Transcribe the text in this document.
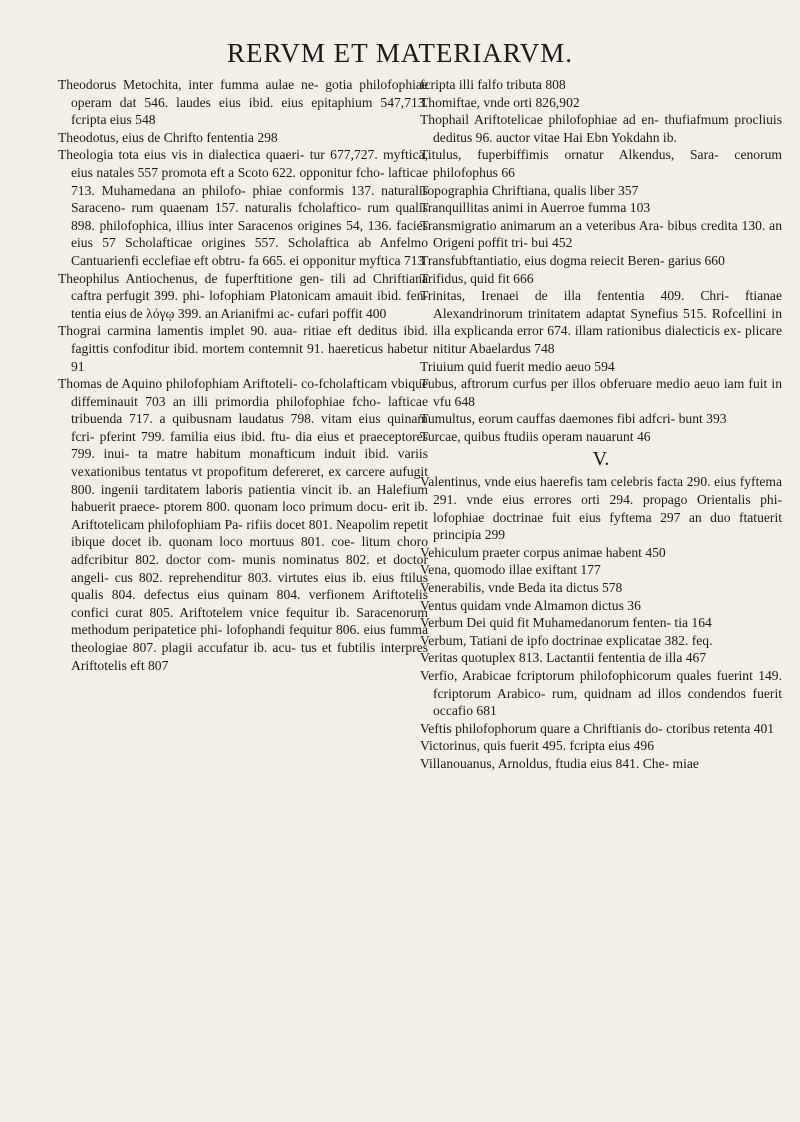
RERVM ET MATERIARVM.

Theodorus Metochita, inter fumma aulae ne- gotia philofophiae operam dat 546. laudes eius ibid. eius epitaphium 547,713. fcripta eius 548

Theodotus, eius de Chrifto fententia 298

Theologia tota eius vis in dialectica quaeri- tur 677,727. myftica, eius natales 557 promota eft a Scoto 622. opponitur fcho- lafticae 713. Muhamedana an philofo- phiae conformis 137. naturalis Saraceno- rum quaenam 157. naturalis fcholaftico- rum qualis 898. philofophica, illius inter Saracenos origines 54, 136. facies eius 57 Scholafticae origines 557. Scholaftica ab Anfelmo Cantuarienfi ecclefiae eft obtru- fa 665. ei opponitur myftica 713

Theophilus Antiochenus, de fuperftitione gen- tili ad Chriftiana caftra perfugit 399. phi- lofophiam Platonicam amauit ibid. fen- tentia eius de λόγῳ 399. an Arianifmi ac- cufari poffit 400

Thograi carmina lamentis implet 90. aua- ritiae eft deditus ibid. fagittis confoditur ibid. mortem contemnit 91. haereticus habetur 91

Thomas de Aquino philofophiam Ariftoteli- co-fcholafticam vbique diffeminauit 703 an illi primordia philofophiae fcho- lafticae tribuenda 717. a quibusnam laudatus 798. vitam eius quinam fcri- pferint 799. familia eius ibid. ftu- dia eius et praeceptores 799. inui- ta matre habitum monafticum induit ibid. variis vexationibus tentatus vt propofitum defereret, ex carcere aufugit 800. ingenii tarditatem laboris patientia vincit ib. an Halefium habuerit praece- ptorem 800. quonam loco primum docu- erit ib. Ariftotelicam philofophiam Pa- rifiis docet 801. Neapolim repetit ibique docet ib. quonam loco mortuus 801. coe- litum choro adfcribitur 802. doctor com- munis nominatus 802. et doctor angeli- cus 802. reprehenditur 803. virtutes eius ib. eius ftilus qualis 804. defectus eius quinam 804. verfionem Ariftotelis confici curat 805. Ariftotelem vnice fequitur ib. Saracenorum methodum peripatetice phi- lofophandi fequitur 806. eius fumma theologiae 807. plagii accufatur ib. acu- tus et fubtilis interpres Ariftotelis eft 807

fcripta illi falfo tributa 808

Thomiftae, vnde orti 826,902

Thophail Ariftotelicae philofophiae ad en- thufiafmum procliuis deditus 96. auctor vitae Hai Ebn Yokdahn ib.

Titulus, fuperbiffimis ornatur Alkendus, Sara- cenorum philofophus 66

Topographia Chriftiana, qualis liber 357

Tranquillitas animi in Auerroe fumma 103

Transmigratio animarum an a veteribus Ara- bibus credita 130. an Origeni poffit tri- bui 452

Transfubftantiatio, eius dogma reiecit Beren- garius 660

Trifidus, quid fit 666

Trinitas, Irenaei de illa fententia 409. Chri- ftianae Alexandrinorum trinitatem adaptat Synefius 515. Rofcellini in illa explicanda error 674. illam rationibus dialecticis ex- plicare nititur Abaelardus 748

Triuium quid fuerit medio aeuo 594

Tubus, aftrorum curfus per illos obferuare medio aeuo iam fuit in vfu 648

Tumultus, eorum cauffas daemones fibi adfcri- bunt 393

Turcae, quibus ftudiis operam nauarunt 46

V.

Valentinus, vnde eius haerefis tam celebris facta 290. eius fyftema 291. vnde eius errores orti 294. propago Orientalis phi- lofophiae doctrinae fuit eius fyftema 297 an duo ftatuerit principia 299

Vehiculum praeter corpus animae habent 450

Vena, quomodo illae exiftant 177

Venerabilis, vnde Beda ita dictus 578

Ventus quidam vnde Almamon dictus 36

Verbum Dei quid fit Muhamedanorum fenten- tia 164

Verbum, Tatiani de ipfo doctrinae explicatae 382. feq.

Veritas quotuplex 813. Lactantii fententia de illa 467

Verfio, Arabicae fcriptorum philofophicorum quales fuerint 149. fcriptorum Arabico- rum, quidnam ad illos condendos fuerit occafio 681

Veftis philofophorum quare a Chriftianis do- ctoribus retenta 401

Victorinus, quis fuerit 495. fcripta eius 496

Villanouanus, Arnoldus, ftudia eius 841. Che- miae
